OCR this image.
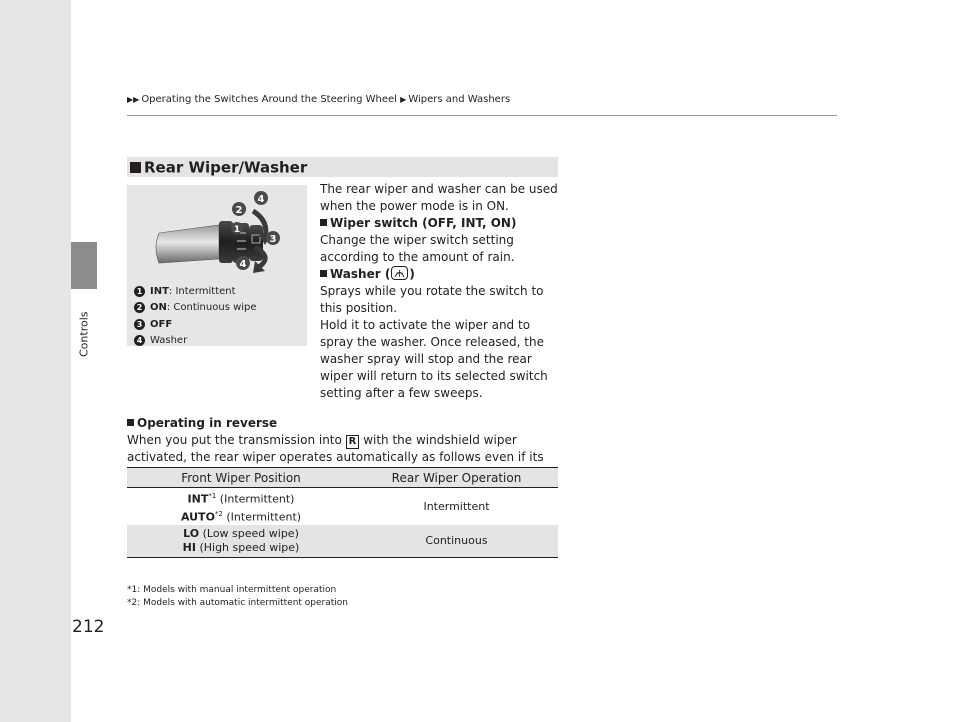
Controls
212
▶▶ Operating the Switches Around the Steering Wheel ▶ Wipers and Washers
Rear Wiper/Washer
4
2
1
3
4
1 INT : Intermittent
2 ON : Continuous wipe
3 OFF
4 Washer

The rear wiper and washer can be used when the power mode is in ON.

Wiper switch (OFF, INT, ON)

Change the wiper switch setting according to the amount of rain.

Washer ( )

Sprays while you rotate the switch to this position.

Hold it to activate the wiper and to spray the washer. Once released, the washer spray will stop and the rear wiper will return to its selected switch setting after a few sweeps.

Operating in reverse
When you put the transmission into R with the windshield wiper activated, the rear wiper operates automatically as follows even if its
Front Wiper Position	Rear Wiper Operation

INT$^{*1}$ (Intermittent)
AUTO$^{*2}$ (Intermittent)	Intermittent

LO (Low speed wipe)
HI (High speed wipe)	Continuous
*1: Models with manual intermittent operation
*2: Models with automatic intermittent operation
